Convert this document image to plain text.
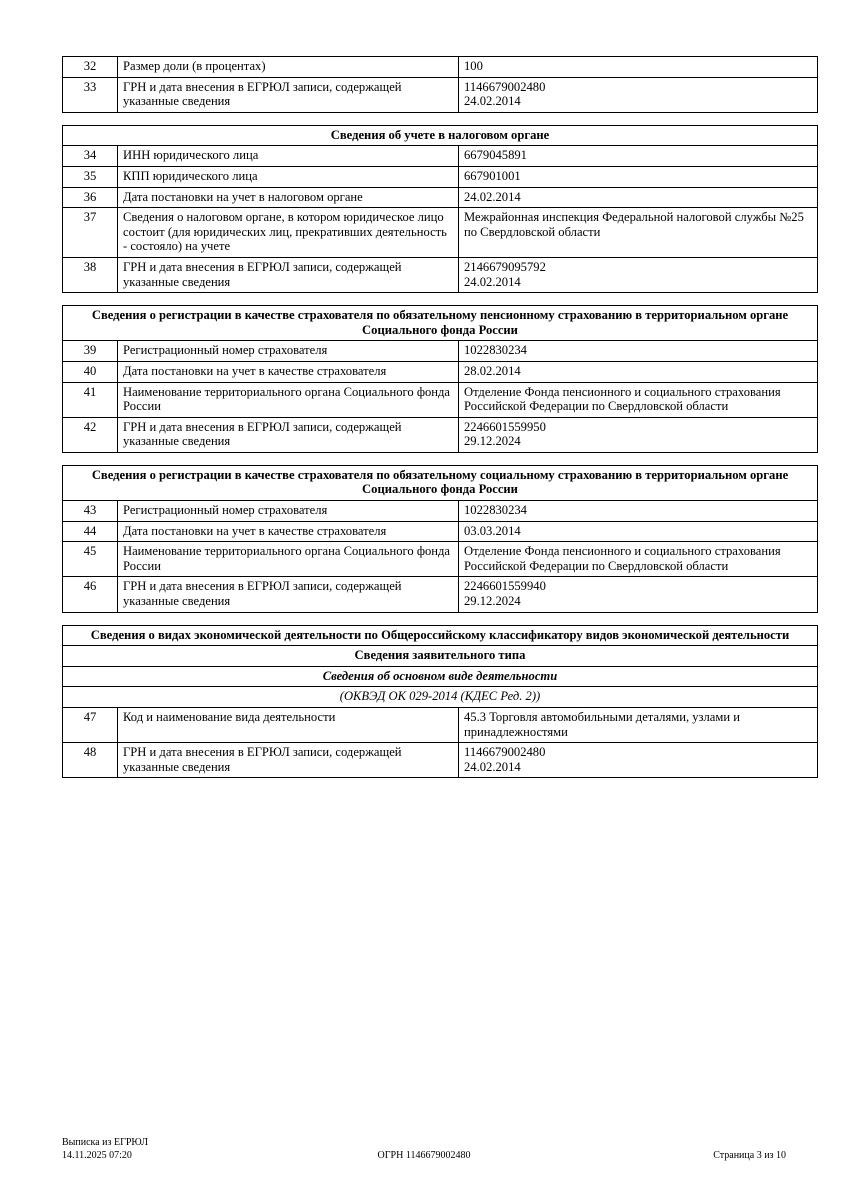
32	Размер доли (в процентах)	100
33	ГРН и дата внесения в ЕГРЮЛ записи, содержащей указанные сведения	1146679002480
24.02.2014

Сведения об учете в налоговом органе		
34	ИНН юридического лица	6679045891
35	КПП юридического лица	667901001
36	Дата постановки на учет в налоговом органе	24.02.2014
37	Сведения о налоговом органе, в котором юридическое лицо состоит (для юридических лиц, прекративших деятельность - состояло) на учете	Межрайонная инспекция Федеральной налоговой службы №25 по Свердловской области
38	ГРН и дата внесения в ЕГРЮЛ записи, содержащей указанные сведения	2146679095792
24.02.2014

Сведения о регистрации в качестве страхователя по обязательному пенсионному страхованию в территориальном органе Социального фонда России		
39	Регистрационный номер страхователя	1022830234
40	Дата постановки на учет в качестве страхователя	28.02.2014
41	Наименование территориального органа Социального фонда России	Отделение Фонда пенсионного и социального страхования Российской Федерации по Свердловской области
42	ГРН и дата внесения в ЕГРЮЛ записи, содержащей указанные сведения	2246601559950
29.12.2024

Сведения о регистрации в качестве страхователя по обязательному социальному страхованию в территориальном органе Социального фонда России		
43	Регистрационный номер страхователя	1022830234
44	Дата постановки на учет в качестве страхователя	03.03.2014
45	Наименование территориального органа Социального фонда России	Отделение Фонда пенсионного и социального страхования Российской Федерации по Свердловской области
46	ГРН и дата внесения в ЕГРЮЛ записи, содержащей указанные сведения	2246601559940
29.12.2024

Сведения о видах экономической деятельности по Общероссийскому классификатору видов экономической деятельности		
Сведения заявительного типа		
Сведения об основном виде деятельности		
(ОКВЭД ОК 029-2014 (КДЕС Ред. 2))		
47	Код и наименование вида деятельности	45.3 Торговля автомобильными деталями, узлами и принадлежностями
48	ГРН и дата внесения в ЕГРЮЛ записи, содержащей указанные сведения	1146679002480
24.02.2014
Выписка из ЕГРЮЛ
14.11.2025 07:20	ОГРН 1146679002480	Страница 3 из 10
